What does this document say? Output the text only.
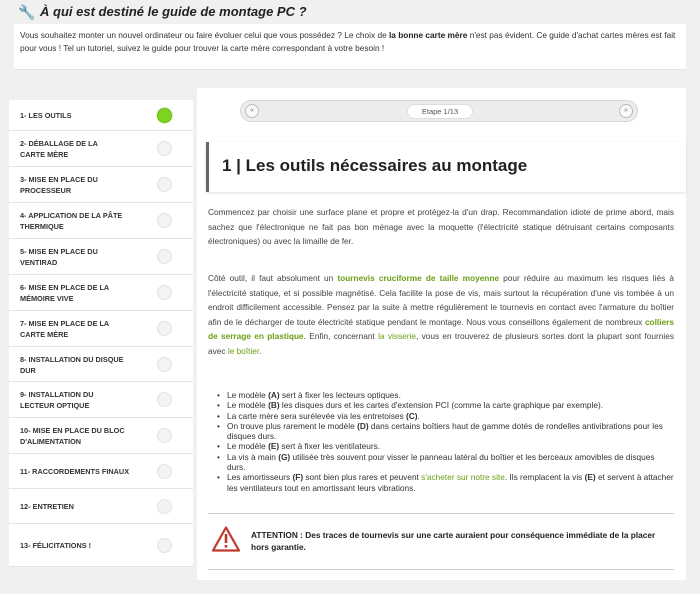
🔧 À qui est destiné le guide de montage PC ?
Vous souhaitez monter un nouvel ordinateur ou faire évoluer celui que vous possédez ? Le choix de la bonne carte mère n'est pas évident. Ce guide d'achat cartes mères est fait pour vous ! Tel un tutoriel, suivez le guide pour trouver la carte mère correspondant à votre besoin !
1- LES OUTILS
2- DÉBALLAGE DE LA
CARTE MÈRE
3- MISE EN PLACE DU
PROCESSEUR
4- APPLICATION DE LA PÂTE
THERMIQUE
5- MISE EN PLACE DU
VENTIRAD
6- MISE EN PLACE DE LA
MÉMOIRE VIVE
7- MISE EN PLACE DE LA
CARTE MÈRE
8- INSTALLATION DU DISQUE
DUR
9- INSTALLATION DU
LECTEUR OPTIQUE
10- MISE EN PLACE DU BLOC
D'ALIMENTATION
11- RACCORDEMENTS FINAUX
12- ENTRETIEN
13- FÉLICITATIONS !
«	Etape 1/13	»
1 | Les outils nécessaires au montage

Commencez par choisir une surface plane et propre et protégez-la d'un drap. Recommandation idiote de prime abord, mais sachez que l'électronique ne fait pas bon ménage avec la moquette (l'électricité statique détruisant certains composants électroniques) ou avec la limaille de fer.

Côté outil, il faut absolument un tournevis cruciforme de taille moyenne pour réduire au maximum les risques liés à l'électricité statique, et si possible magnétisé. Cela facilite la pose de vis, mais surtout la récupération d'une vis tombée à un endroit difficilement accessible. Pensez par la suite à mettre régulièrement le tournevis en contact avec l'armature du boîtier afin de le décharger de toute électricité statique pendant le montage. Nous vous conseillons également de nombreux colliers de serrage en plastique. Enfin, concernant la visserie, vous en trouverez de plusieurs sortes dont la plupart sont fournies avec le boîtier.

• Le modèle (A) sert à fixer les lecteurs optiques.
• Le modèle (B) les disques durs et les cartes d'extension PCI (comme la carte graphique par exemple).
• La carte mère sera surélevée via les entretoises (C).
• On trouve plus rarement le modèle (D) dans certains boîtiers haut de gamme dotés de rondelles antivibrations pour les disques durs.
• Le modèle (E) sert à fixer les ventilateurs.
• La vis à main (G) utilisée très souvent pour visser le panneau latéral du boîtier et les berceaux amovibles de disques durs.
• Les amortisseurs (F) sont bien plus rares et peuvent s'acheter sur notre site. Ils remplacent la vis (E) et servent à attacher les ventilateurs tout en amortissant leurs vibrations.
ATTENTION : Des traces de tournevis sur une carte auraient pour conséquence immédiate de la placer hors garantie.
